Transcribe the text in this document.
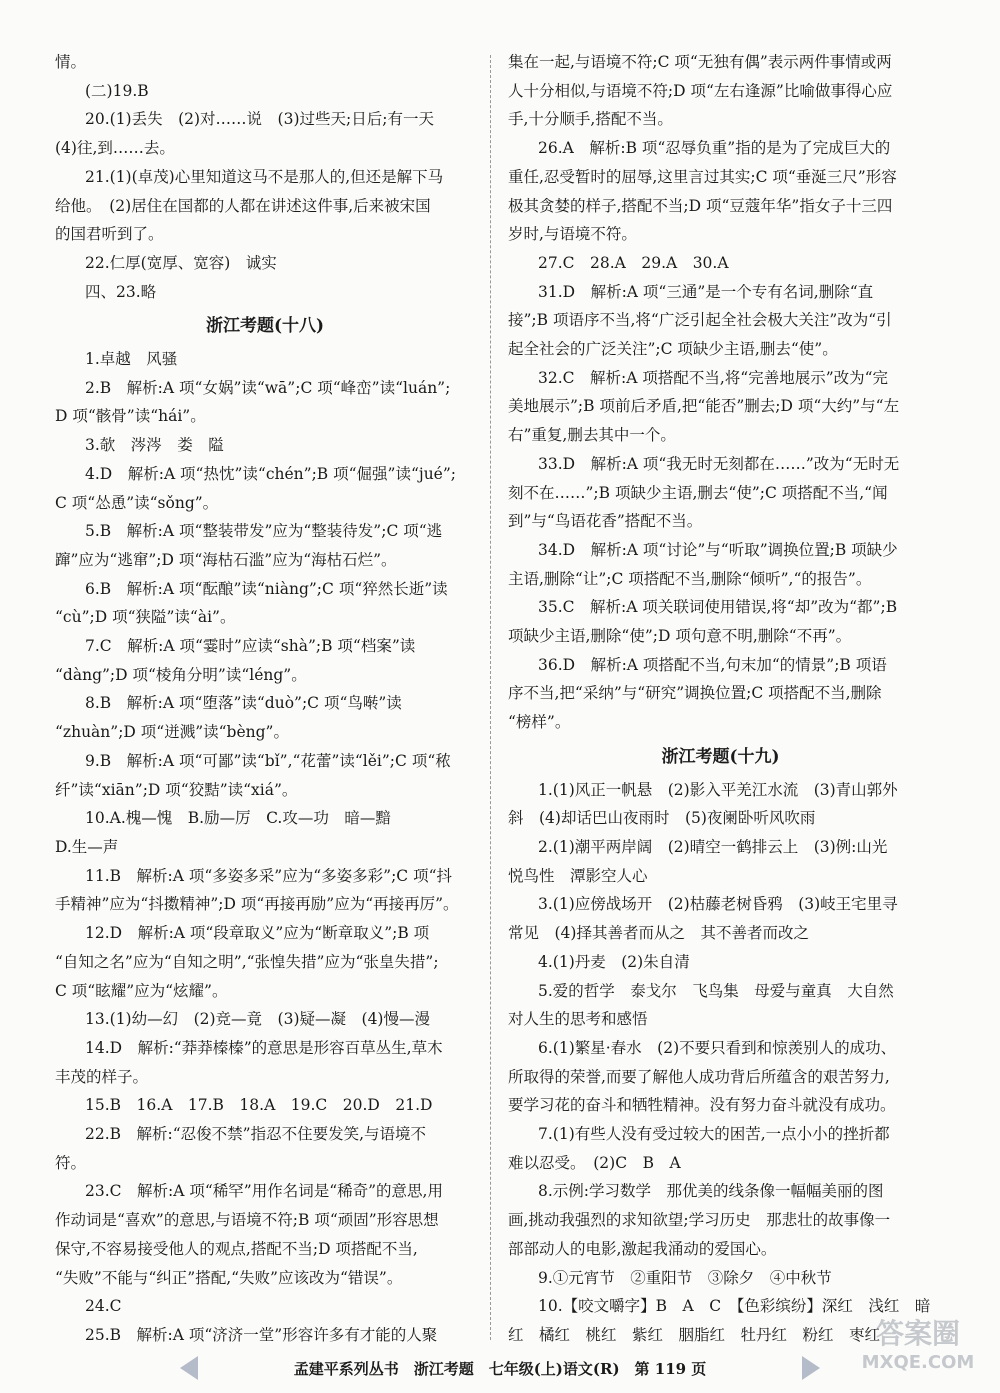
情。
(二)19.B
20.(1)丢失　(2)对……说　(3)过些天;日后;有一天
(4)往,到……去。
21.(1)(卓茂)心里知道这马不是那人的,但还是解下马
给他。　(2)居住在国都的人都在讲述这件事,后来被宋国
的国君听到了。
22.仁厚(宽厚、宽容)　诚实
四、23.略
浙江考题(十八)
1.卓越　风骚
2.B　解析:A 项“女娲”读“wā”;C 项“峰峦”读“luán”;
D 项“骸骨”读“hái”。
3.欹　涔涔　娄　隘
4.D　解析:A 项“热忱”读“chén”;B 项“倔强”读“jué”;
C 项“怂恿”读“sǒng”。
5.B　解析:A 项“整装带发”应为“整装待发”;C 项“逃
蹿”应为“逃窜”;D 项“海枯石滥”应为“海枯石烂”。
6.B　解析:A 项“酝酿”读“niàng”;C 项“猝然长逝”读
“cù”;D 项“狭隘”读“ài”。
7.C　解析:A 项“霎时”应读“shà”;B 项“档案”读
“dàng”;D 项“棱角分明”读“léng”。
8.B　解析:A 项“堕落”读“duò”;C 项“鸟啭”读
“zhuàn”;D 项“迸溅”读“bèng”。
9.B　解析:A 项“可鄙”读“bǐ”,“花蕾”读“lěi”;C 项“秾
纤”读“xiān”;D 项“狡黠”读“xiá”。
10.A.槐—愧　B.励—厉　C.攻—功　暗—黯
D.生—声
11.B　解析:A 项“多姿多采”应为“多姿多彩”;C 项“抖
手精神”应为“抖擞精神”;D 项“再接再励”应为“再接再厉”。
12.D　解析:A 项“段章取义”应为“断章取义”;B 项
“自知之名”应为“自知之明”,“张惶失措”应为“张皇失措”;
C 项“眩耀”应为“炫耀”。
13.(1)幼—幻　(2)竞—竟　(3)疑—凝　(4)慢—漫
14.D　解析:“莽莽榛榛”的意思是形容百草丛生,草木
丰茂的样子。
15.B　16.A　17.B　18.A　19.C　20.D　21.D
22.B　解析:“忍俊不禁”指忍不住要发笑,与语境不
符。
23.C　解析:A 项“稀罕”用作名词是“稀奇”的意思,用
作动词是“喜欢”的意思,与语境不符;B 项“顽固”形容思想
保守,不容易接受他人的观点,搭配不当;D 项搭配不当,
“失败”不能与“纠正”搭配,“失败”应该改为“错误”。
24.C
25.B　解析:A 项“济济一堂”形容许多有才能的人聚
集在一起,与语境不符;C 项“无独有偶”表示两件事情或两
人十分相似,与语境不符;D 项“左右逢源”比喻做事得心应
手,十分顺手,搭配不当。
26.A　解析:B 项“忍辱负重”指的是为了完成巨大的
重任,忍受暂时的屈辱,这里言过其实;C 项“垂涎三尺”形容
极其贪婪的样子,搭配不当;D 项“豆蔻年华”指女子十三四
岁时,与语境不符。
27.C　28.A　29.A　30.A
31.D　解析:A 项“三通”是一个专有名词,删除“直
接”;B 项语序不当,将“广泛引起全社会极大关注”改为“引
起全社会的广泛关注”;C 项缺少主语,删去“使”。
32.C　解析:A 项搭配不当,将“完善地展示”改为“完
美地展示”;B 项前后矛盾,把“能否”删去;D 项“大约”与“左
右”重复,删去其中一个。
33.D　解析:A 项“我无时无刻都在……”改为“无时无
刻不在……”;B 项缺少主语,删去“使”;C 项搭配不当,“闻
到”与“鸟语花香”搭配不当。
34.D　解析:A 项“讨论”与“听取”调换位置;B 项缺少
主语,删除“让”;C 项搭配不当,删除“倾听”,“的报告”。
35.C　解析:A 项关联词使用错误,将“却”改为“都”;B
项缺少主语,删除“使”;D 项句意不明,删除“不再”。
36.D　解析:A 项搭配不当,句末加“的情景”;B 项语
序不当,把“采纳”与“研究”调换位置;C 项搭配不当,删除
“榜样”。
浙江考题(十九)
1.(1)风正一帆悬　(2)影入平羌江水流　(3)青山郭外
斜　(4)却话巴山夜雨时　(5)夜阑卧听风吹雨
2.(1)潮平两岸阔　(2)晴空一鹤排云上　(3)例:山光
悦鸟性　潭影空人心
3.(1)应傍战场开　(2)枯藤老树昏鸦　(3)岐王宅里寻
常见　(4)择其善者而从之　其不善者而改之
4.(1)丹麦　(2)朱自清
5.爱的哲学　泰戈尔　飞鸟集　母爱与童真　大自然
对人生的思考和感悟
6.(1)繁星·春水　(2)不要只看到和惊羡别人的成功、
所取得的荣誉,而要了解他人成功背后所蕴含的艰苦努力,
要学习花的奋斗和牺牲精神。没有努力奋斗就没有成功。
7.(1)有些人没有受过较大的困苦,一点小小的挫折都
难以忍受。　(2)C　B　A
8.示例:学习数学　那优美的线条像一幅幅美丽的图
画,挑动我强烈的求知欲望;学习历史　那悲壮的故事像一
部部动人的电影,激起我涌动的爱国心。
9.①元宵节　②重阳节　③除夕　④中秋节
10.【咬文嚼字】B　A　C　【色彩缤纷】深红　浅红　暗
红　橘红　桃红　紫红　胭脂红　牡丹红　粉红　枣红
孟建平系列丛书　浙江考题　七年级(上)语文(R)　第 119 页
答案圈
MXQE.COM
